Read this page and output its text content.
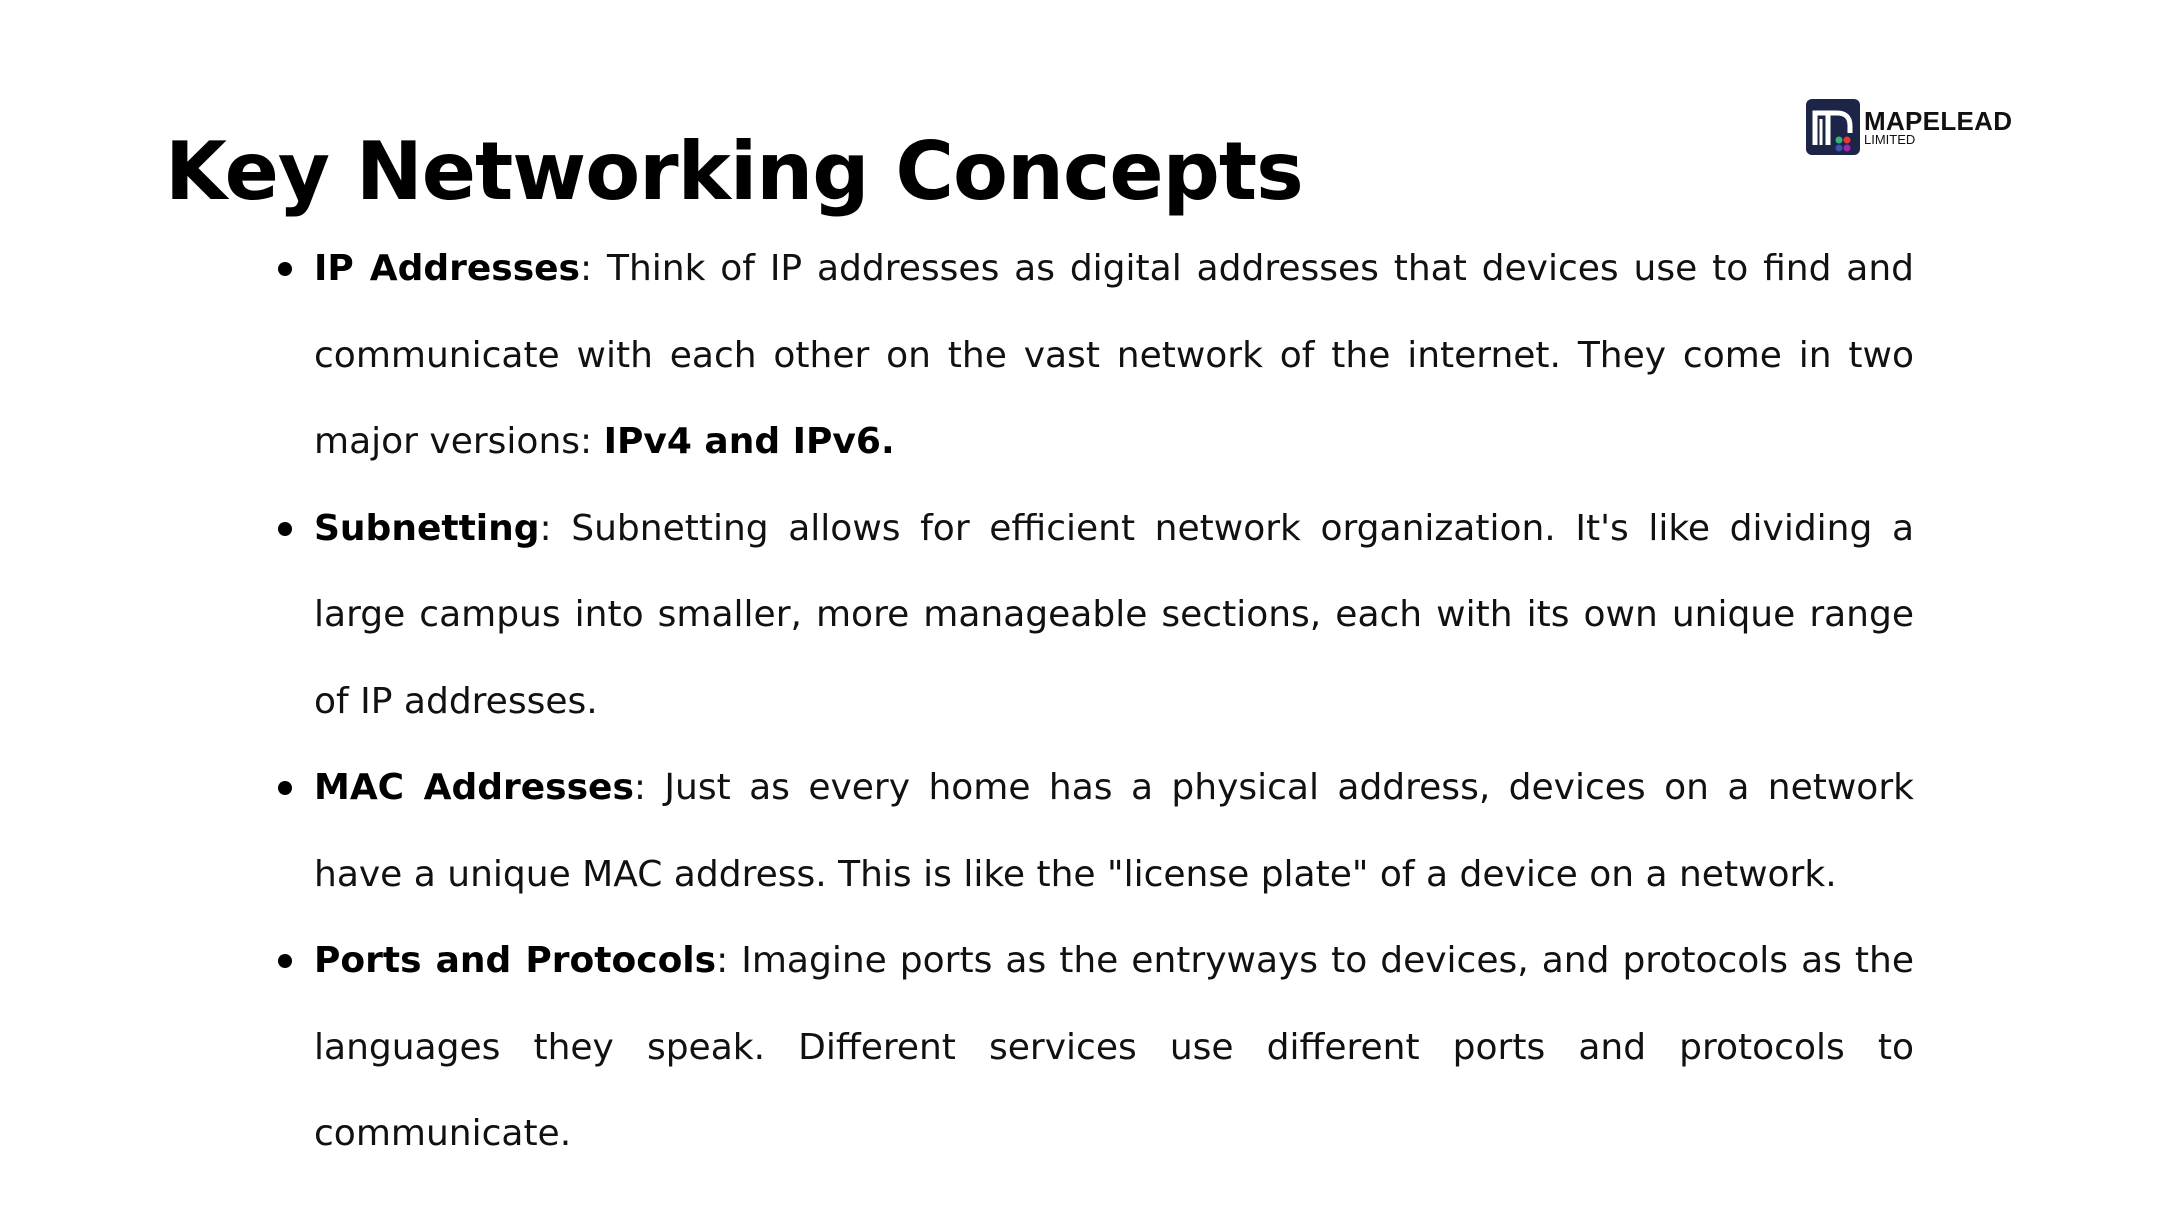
Key Networking Concepts
MAPELEAD
LIMITED
IP Addresses: Think of IP addresses as digital addresses that devices use to find and communicate with each other on the vast network of the internet. They come in two major versions: IPv4 and IPv6.
Subnetting: Subnetting allows for efficient network organization. It's like dividing a large campus into smaller, more manageable sections, each with its own unique range of IP addresses.
MAC Addresses: Just as every home has a physical address, devices on a network have a unique MAC address. This is like the "license plate" of a device on a network.
Ports and Protocols: Imagine ports as the entryways to devices, and protocols as the languages they speak. Different services use different ports and protocols to communicate.
